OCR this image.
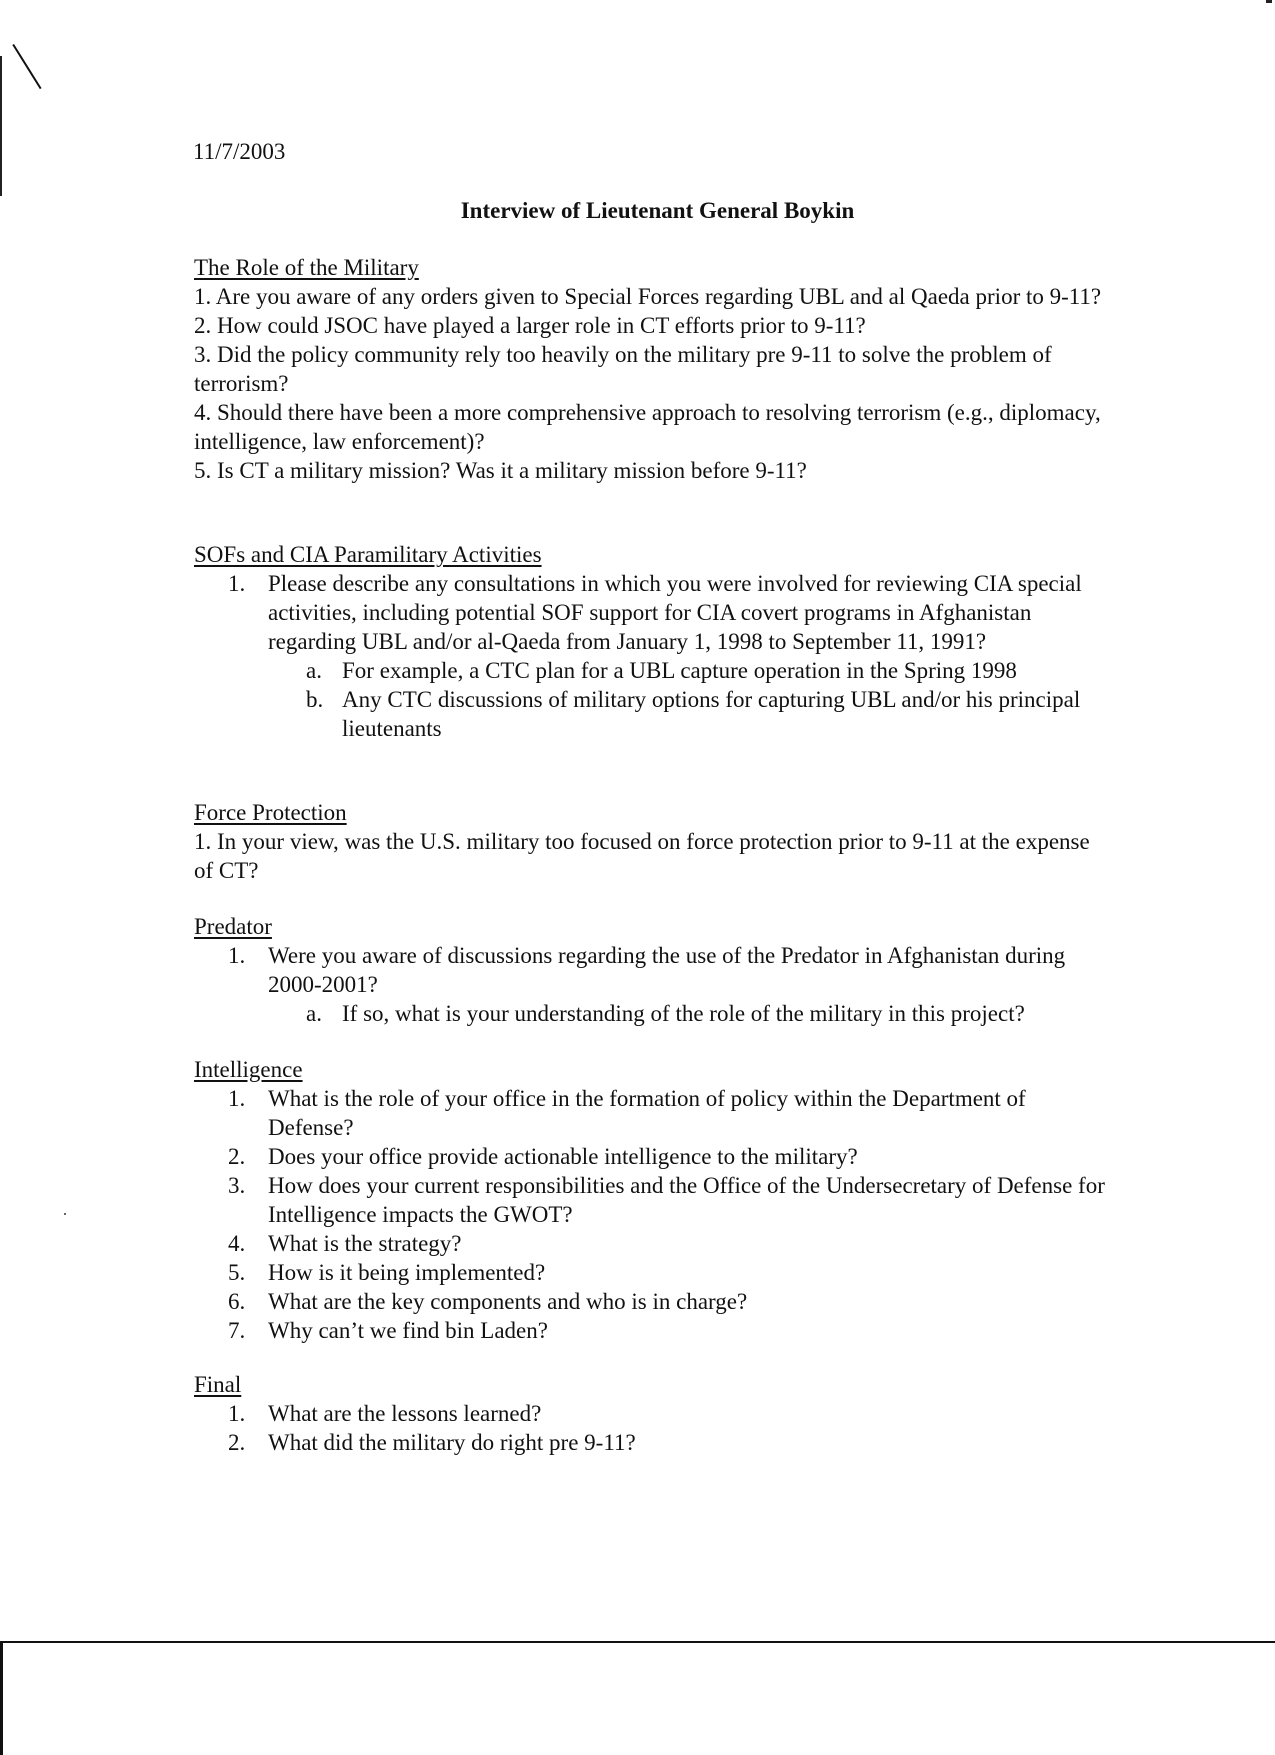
11/7/2003
Interview of Lieutenant General Boykin
The Role of the Military

1. Are you aware of any orders given to Special Forces regarding UBL and al Qaeda prior to 9-11?

2. How could JSOC have played a larger role in CT efforts prior to 9-11?

3. Did the policy community rely too heavily on the military pre 9-11 to solve the problem of terrorism?

4. Should there have been a more comprehensive approach to resolving terrorism (e.g., diplomacy, intelligence, law enforcement)?

5. Is CT a military mission? Was it a military mission before 9-11?

SOFs and CIA Paramilitary Activities
1. Please describe any consultations in which you were involved for reviewing CIA special activities, including potential SOF support for CIA covert programs in Afghanistan regarding UBL and/or al-Qaeda from January 1, 1998 to September 11, 1991?
a. For example, a CTC plan for a UBL capture operation in the Spring 1998
b. Any CTC discussions of military options for capturing UBL and/or his principal lieutenants
Force Protection

1. In your view, was the U.S. military too focused on force protection prior to 9-11 at the expense of CT?

Predator
1. Were you aware of discussions regarding the use of the Predator in Afghanistan during 2000-2001?
a. If so, what is your understanding of the role of the military in this project?
Intelligence
1. What is the role of your office in the formation of policy within the Department of Defense?
2. Does your office provide actionable intelligence to the military?
3. How does your current responsibilities and the Office of the Undersecretary of Defense for Intelligence impacts the GWOT?
4. What is the strategy?
5. How is it being implemented?
6. What are the key components and who is in charge?
7. Why can’t we find bin Laden?
Final
1. What are the lessons learned?
2. What did the military do right pre 9-11?
